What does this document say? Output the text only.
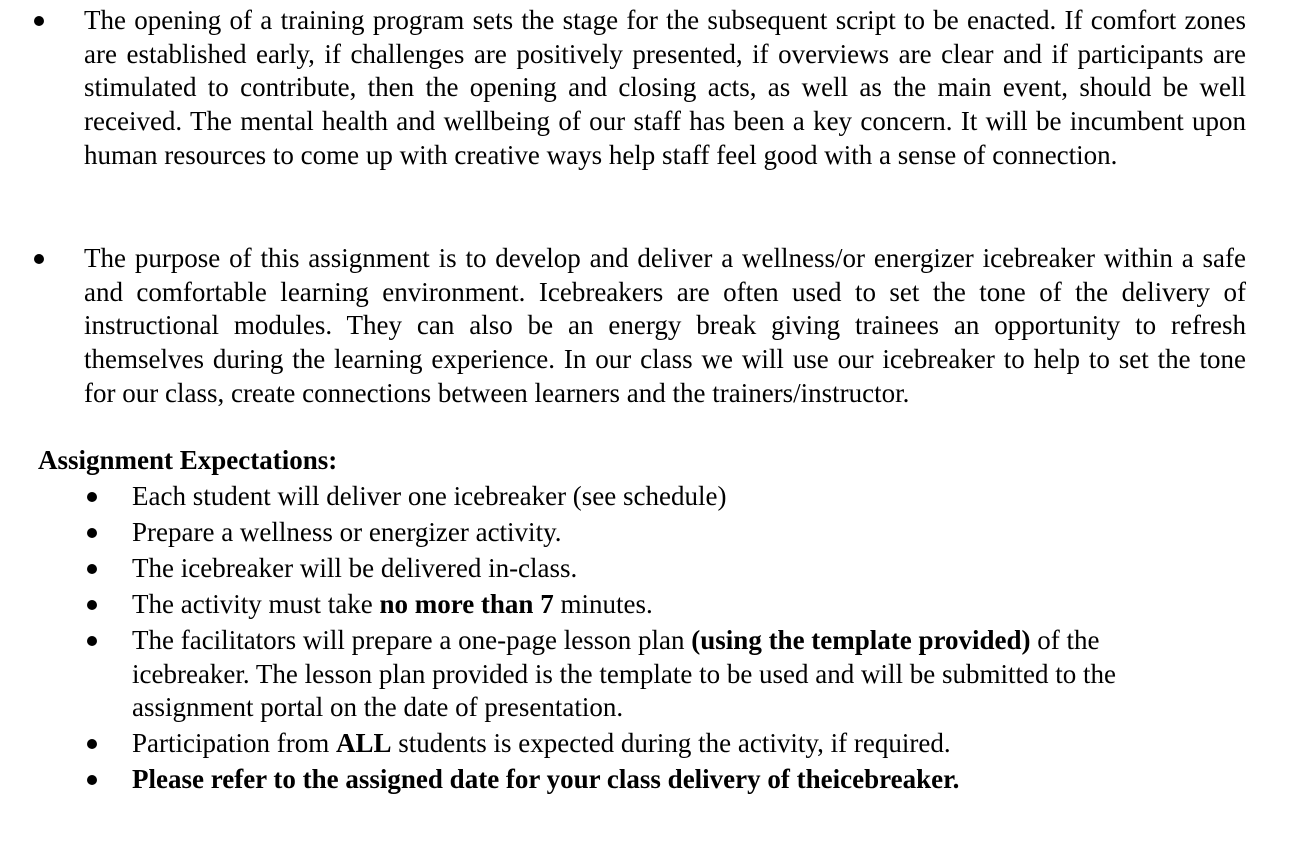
The opening of a training program sets the stage for the subsequent script to be enacted. If comfort zones are established early, if challenges are positively presented, if overviews are clear and if participants are stimulated to contribute, then the opening and closing acts, as well as the main event, should be well received. The mental health and wellbeing of our staff has been a key concern. It will be incumbent upon human resources to come up with creative ways help staff feel good with a sense of connection.
The purpose of this assignment is to develop and deliver a wellness/or energizer icebreaker within a safe and comfortable learning environment. Icebreakers are often used to set the tone of the delivery of instructional modules. They can also be an energy break giving trainees an opportunity to refresh themselves during the learning experience. In our class we will use our icebreaker to help to set the tone for our class, create connections between learners and the trainers/instructor.
Assignment Expectations:
Each student will deliver one icebreaker (see schedule)
Prepare a wellness or energizer activity.
The icebreaker will be delivered in-class.
The activity must take no more than 7 minutes.
The facilitators will prepare a one-page lesson plan (using the template provided) of the icebreaker. The lesson plan provided is the template to be used and will be submitted to the assignment portal on the date of presentation.
Participation from ALL students is expected during the activity, if required.
Please refer to the assigned date for your class delivery of theicebreaker.
